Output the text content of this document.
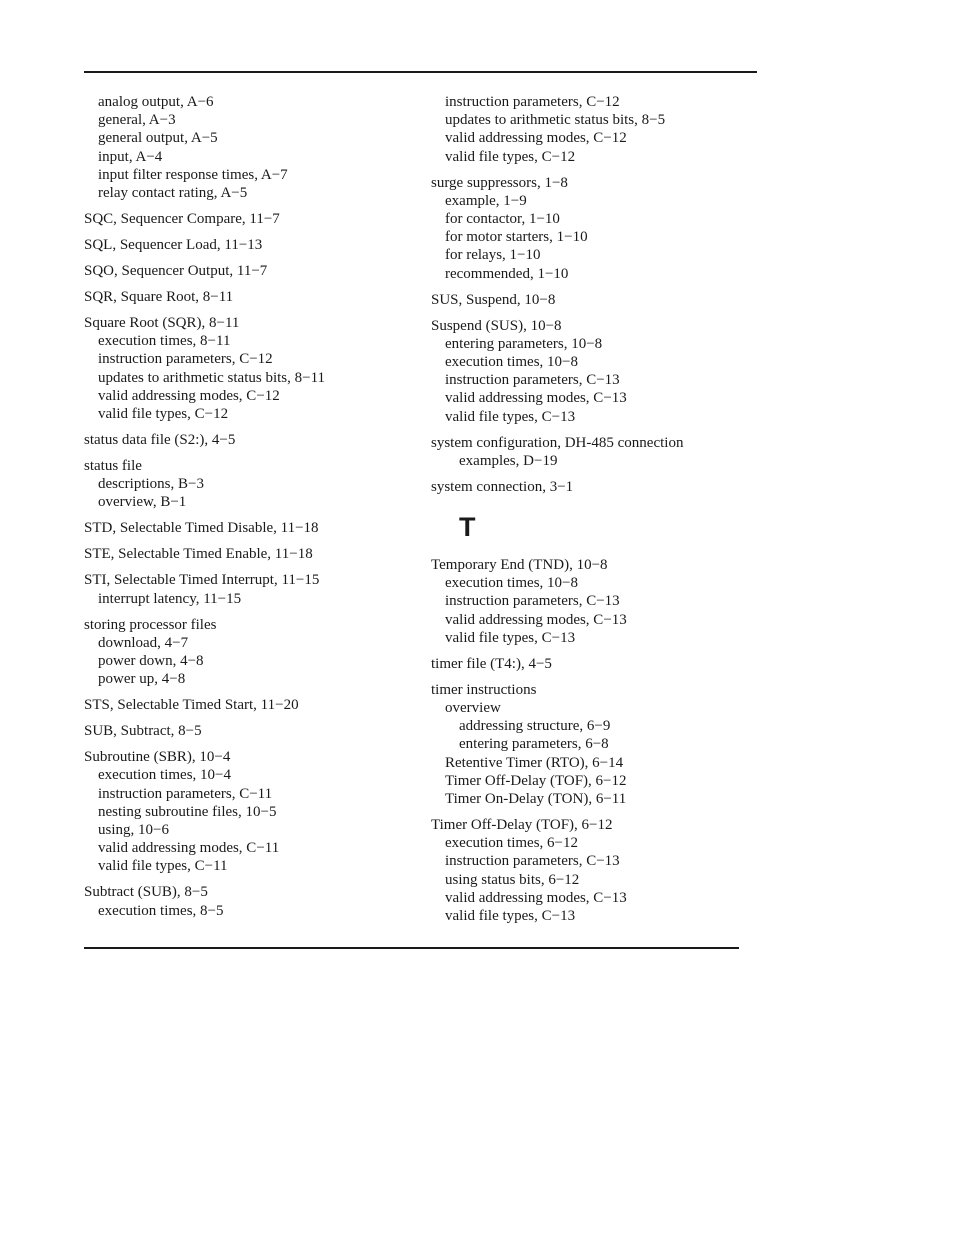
analog output, A−6
general, A−3
general output, A−5
input, A−4
input filter response times, A−7
relay contact rating, A−5
SQC, Sequencer Compare, 11−7
SQL, Sequencer Load, 11−13
SQO, Sequencer Output, 11−7
SQR, Square Root, 8−11
Square Root (SQR), 8−11
execution times, 8−11
instruction parameters, C−12
updates to arithmetic status bits, 8−11
valid addressing modes, C−12
valid file types, C−12
status data file (S2:), 4−5
status file
descriptions, B−3
overview, B−1
STD, Selectable Timed Disable, 11−18
STE, Selectable Timed Enable, 11−18
STI, Selectable Timed Interrupt, 11−15
interrupt latency, 11−15
storing processor files
download, 4−7
power down, 4−8
power up, 4−8
STS, Selectable Timed Start, 11−20
SUB, Subtract, 8−5
Subroutine (SBR), 10−4
execution times, 10−4
instruction parameters, C−11
nesting subroutine files, 10−5
using, 10−6
valid addressing modes, C−11
valid file types, C−11
Subtract (SUB), 8−5
execution times, 8−5
instruction parameters, C−12
updates to arithmetic status bits, 8−5
valid addressing modes, C−12
valid file types, C−12
surge suppressors, 1−8
example, 1−9
for contactor, 1−10
for motor starters, 1−10
for relays, 1−10
recommended, 1−10
SUS, Suspend, 10−8
Suspend (SUS), 10−8
entering parameters, 10−8
execution times, 10−8
instruction parameters, C−13
valid addressing modes, C−13
valid file types, C−13
system configuration, DH-485 connection
examples, D−19
system connection, 3−1
T
Temporary End (TND), 10−8
execution times, 10−8
instruction parameters, C−13
valid addressing modes, C−13
valid file types, C−13
timer file (T4:), 4−5
timer instructions
overview
addressing structure, 6−9
entering parameters, 6−8
Retentive Timer (RTO), 6−14
Timer Off-Delay (TOF), 6−12
Timer On-Delay (TON), 6−11
Timer Off-Delay (TOF), 6−12
execution times, 6−12
instruction parameters, C−13
using status bits, 6−12
valid addressing modes, C−13
valid file types, C−13
